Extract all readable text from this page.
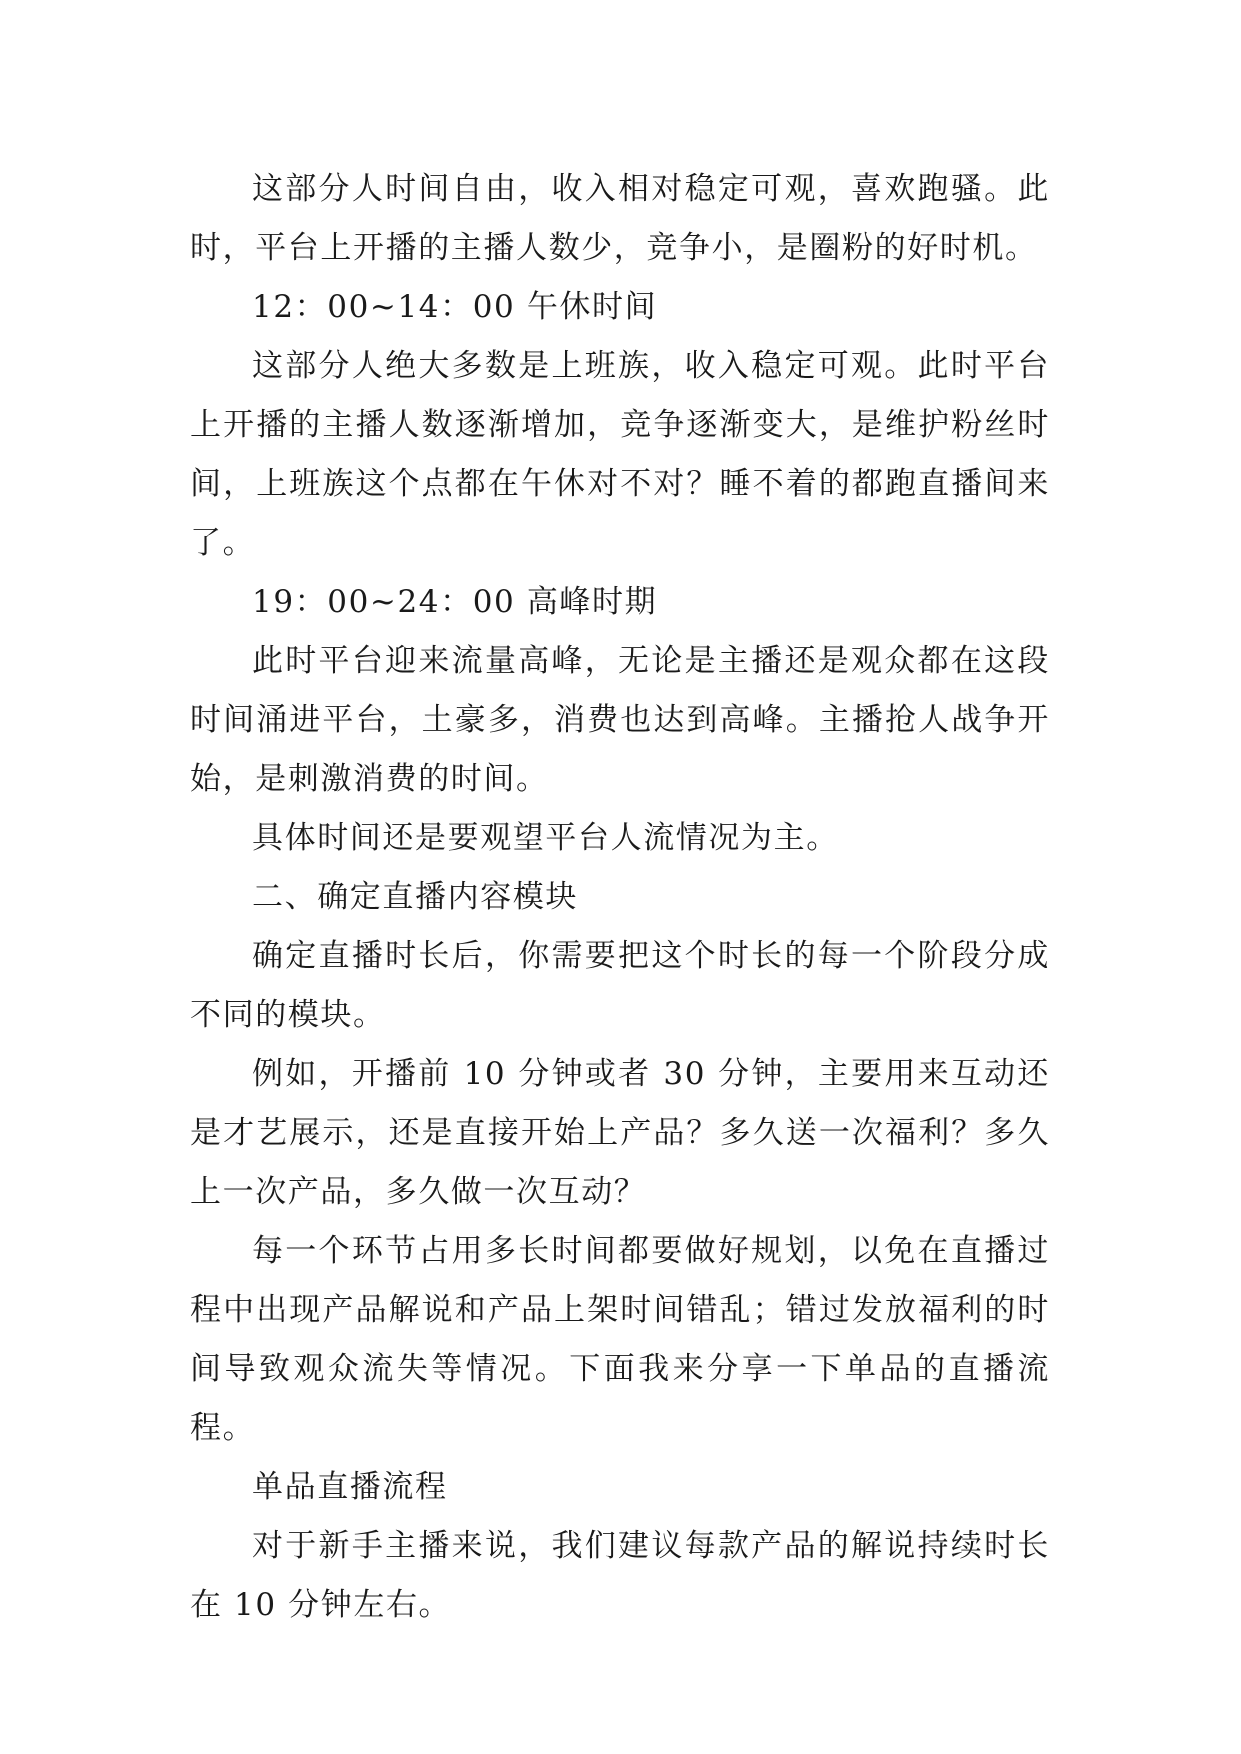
这部分人时间自由，收入相对稳定可观，喜欢跑骚。此时，平台上开播的主播人数少，竞争小，是圈粉的好时机。

12：00~14：00 午休时间

这部分人绝大多数是上班族，收入稳定可观。此时平台上开播的主播人数逐渐增加，竞争逐渐变大，是维护粉丝时间，上班族这个点都在午休对不对？睡不着的都跑直播间来了。

19：00~24：00 高峰时期

此时平台迎来流量高峰，无论是主播还是观众都在这段时间涌进平台，土豪多，消费也达到高峰。主播抢人战争开始，是刺激消费的时间。

具体时间还是要观望平台人流情况为主。

二、确定直播内容模块

确定直播时长后，你需要把这个时长的每一个阶段分成不同的模块。

例如，开播前 10 分钟或者 30 分钟，主要用来互动还是才艺展示，还是直接开始上产品？多久送一次福利？多久上一次产品，多久做一次互动？

每一个环节占用多长时间都要做好规划，以免在直播过程中出现产品解说和产品上架时间错乱；错过发放福利的时间导致观众流失等情况。下面我来分享一下单品的直播流程。

单品直播流程

对于新手主播来说，我们建议每款产品的解说持续时长在 10 分钟左右。
